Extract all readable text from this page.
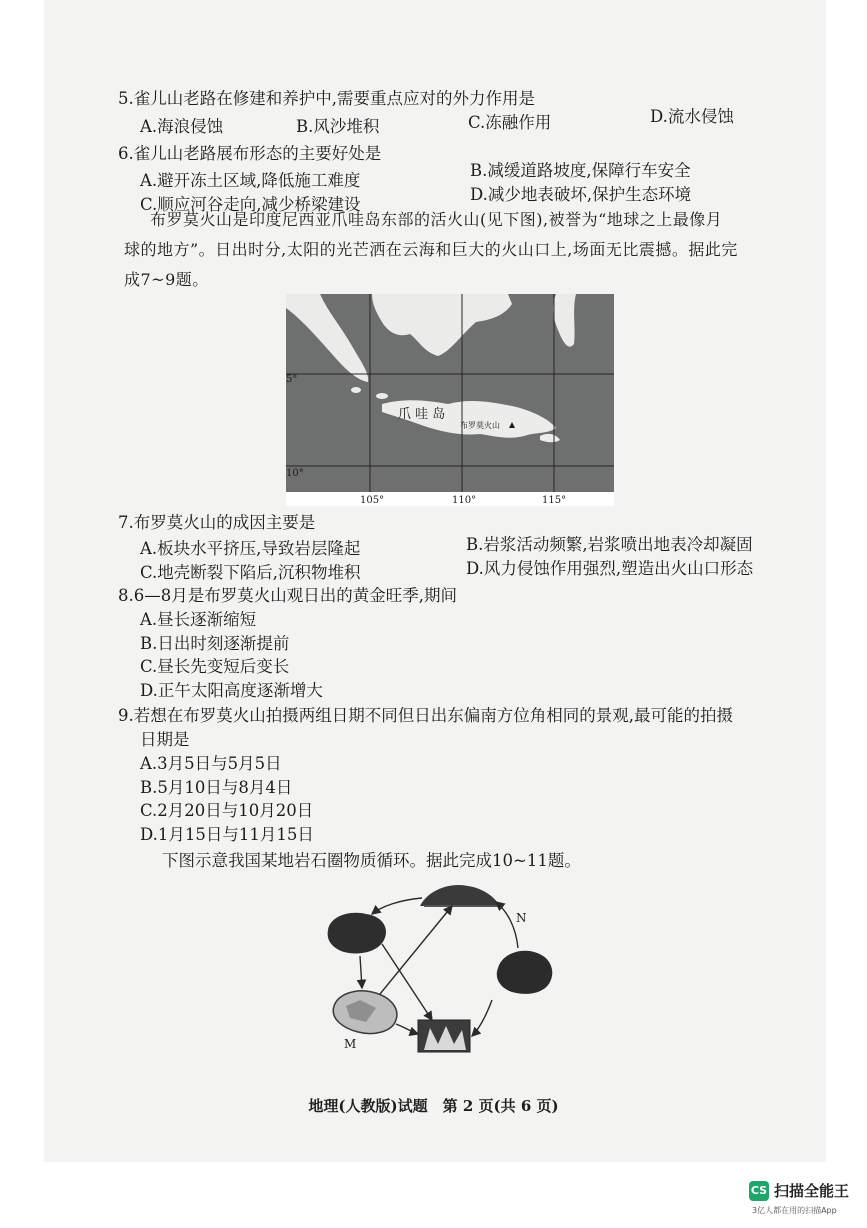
5.雀儿山老路在修建和养护中,需要重点应对的外力作用是
A.海浪侵蚀	B.风沙堆积	C.冻融作用	D.流水侵蚀
6.雀儿山老路展布形态的主要好处是
A.避开冻土区域,降低施工难度
B.减缓道路坡度,保障行车安全
C.顺应河谷走向,减少桥梁建设
D.减少地表破坏,保护生态环境
布罗莫火山是印度尼西亚爪哇岛东部的活火山(见下图),被誉为“地球之上最像月
球的地方”。日出时分,太阳的光芒洒在云海和巨大的火山口上,场面无比震撼。据此完
成7~9题。
5°
10°
105°	110°	115°
爪 哇 岛
布罗莫火山
7.布罗莫火山的成因主要是
A.板块水平挤压,导致岩层隆起	B.岩浆活动频繁,岩浆喷出地表冷却凝固
C.地壳断裂下陷后,沉积物堆积	D.风力侵蚀作用强烈,塑造出火山口形态
8.6—8月是布罗莫火山观日出的黄金旺季,期间
A.昼长逐渐缩短
B.日出时刻逐渐提前
C.昼长先变短后变长
D.正午太阳高度逐渐增大
9.若想在布罗莫火山拍摄两组日期不同但日出东偏南方位角相同的景观,最可能的拍摄
日期是
A.3月5日与5月5日
B.5月10日与8月4日
C.2月20日与10月20日
D.1月15日与11月15日
下图示意我国某地岩石圈物质循环。据此完成10~11题。
N
M
地理(人教版)试题　第 2 页(共 6 页)
CS 扫描全能王
3亿人都在用的扫描App
